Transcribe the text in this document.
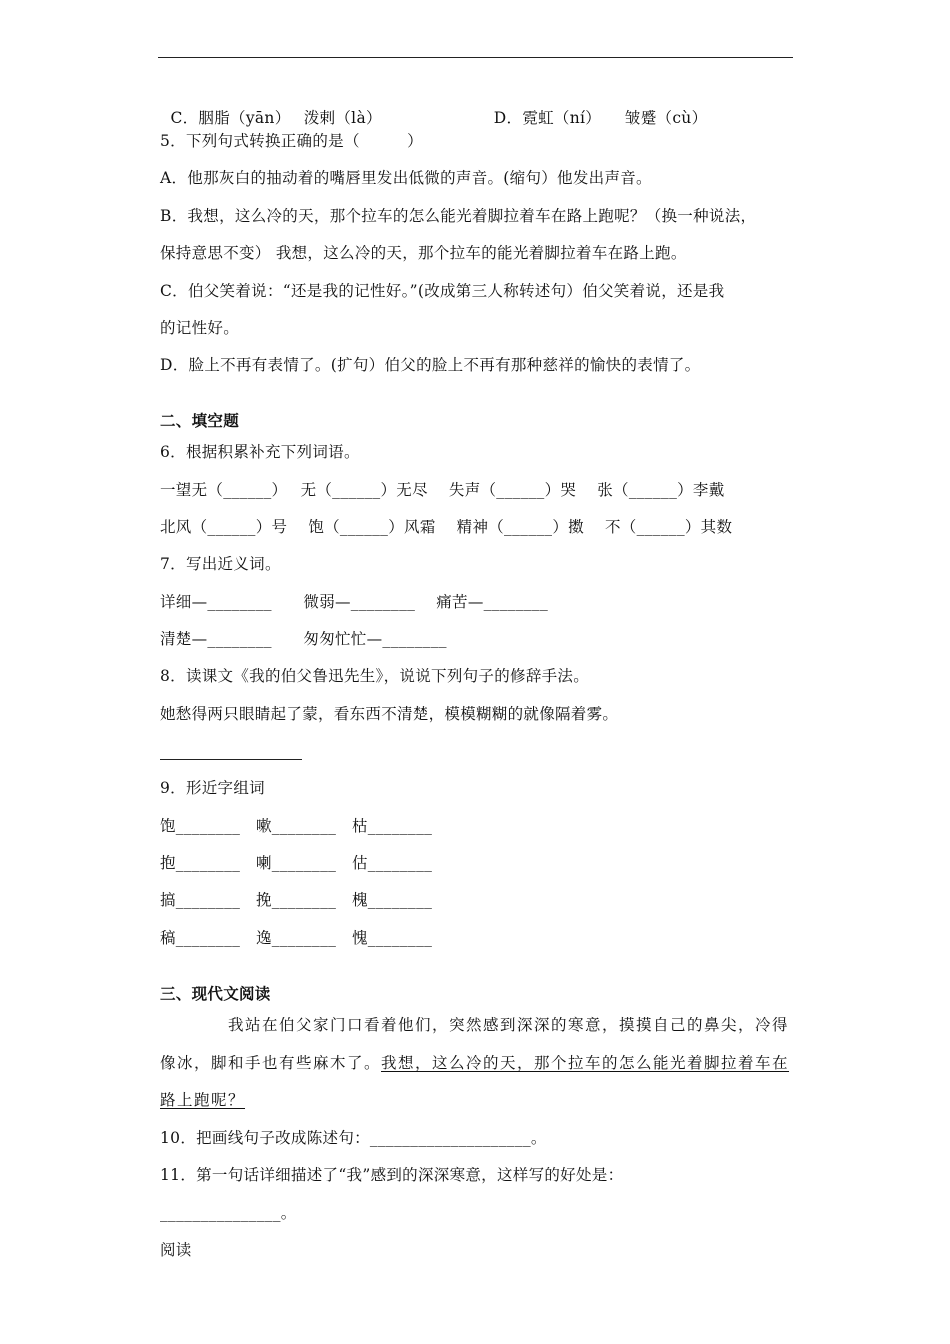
C．胭脂（yān）　 泼剌（là）	D．霓虹（ní）　　皱蹙（cù）

5．下列句式转换正确的是（　　　）
A．他那灰白的抽动着的嘴唇里发出低微的声音。(缩句）他发出声音。
B．我想，这么冷的天，那个拉车的怎么能光着脚拉着车在路上跑呢？（换一种说法，
保持意思不变） 我想，这么冷的天，那个拉车的能光着脚拉着车在路上跑。
C．伯父笑着说：“还是我的记性好。”(改成第三人称转述句）伯父笑着说，还是我
的记性好。
D．脸上不再有表情了。(扩句）伯父的脸上不再有那种慈祥的愉快的表情了。
二、填空题
6．根据积累补充下列词语。
一望无（______）　 无（______）无尽　 失声（______）哭　 张（______）李戴
北风（______）号　 饱（______）风霜　 精神（______）擞　 不（______）其数
7．写出近义词。
详细—________　　微弱—________　 痛苦—________
清楚—________　　匆匆忙忙—________
8．读课文《我的伯父鲁迅先生》，说说下列句子的修辞手法。
她愁得两只眼睛起了蒙，看东西不清楚，模模糊糊的就像隔着雾。
9．形近字组词
饱________　嗽________　枯________
抱________　喇________　估________
搞________　挽________　槐________
稿________　逸________　愧________
三、现代文阅读
　　　　我站在伯父家门口看着他们，突然感到深深的寒意，摸摸自己的鼻尖，冷得
像冰，脚和手也有些麻木了。我想，这么冷的天，那个拉车的怎么能光着脚拉着车在
路上跑呢？
10．把画线句子改成陈述句：____________________。
11．第一句话详细描述了“我”感到的深深寒意，这样写的好处是：
_______________。
阅读
